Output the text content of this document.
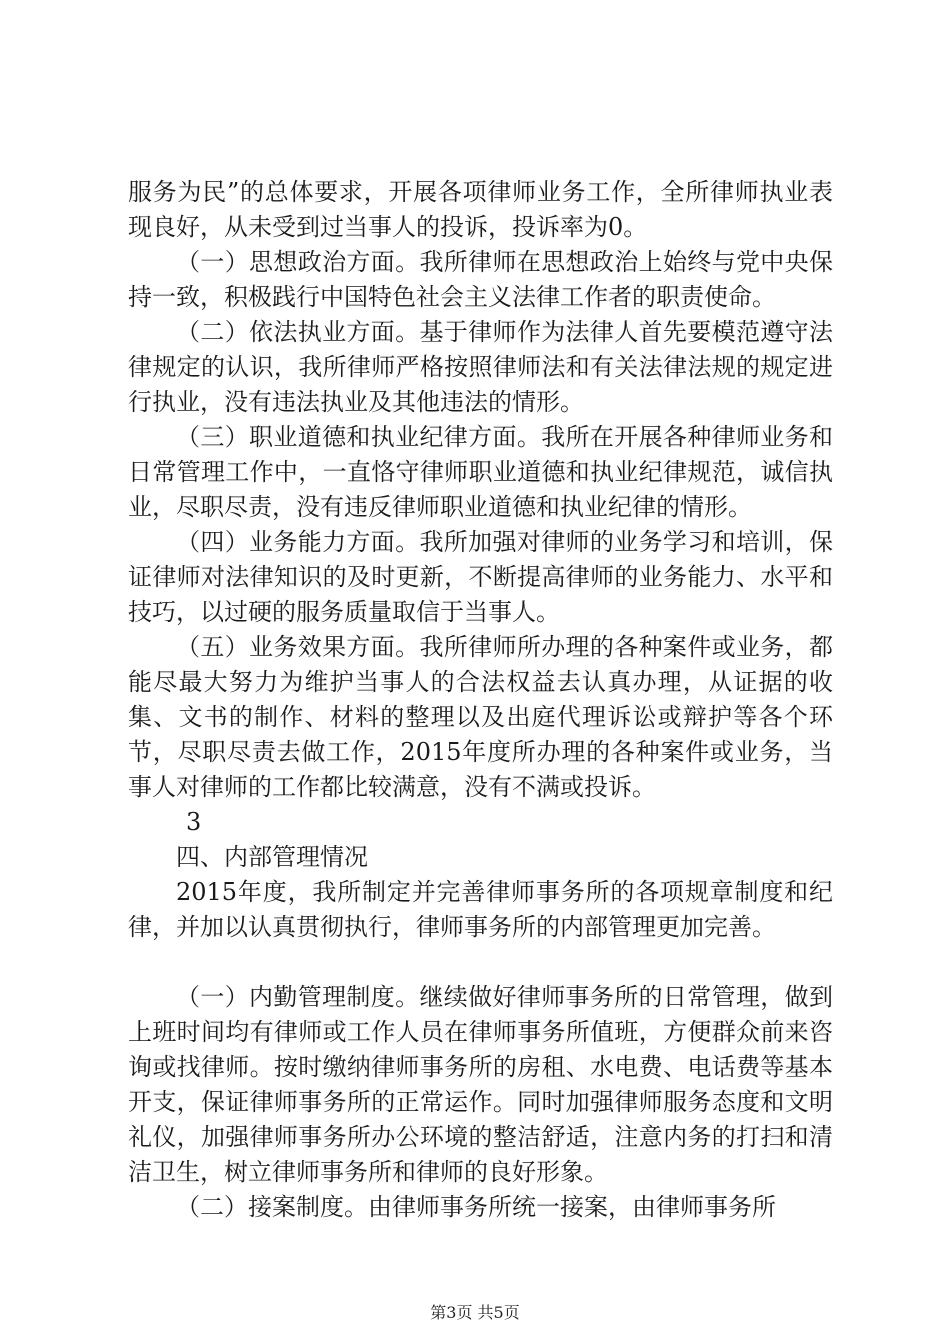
服务为民”的总体要求，开展各项律师业务工作，全所律师执业表现良好，从未受到过当事人的投诉，投诉率为0。

（一）思想政治方面。我所律师在思想政治上始终与党中央保持一致，积极践行中国特色社会主义法律工作者的职责使命。

（二）依法执业方面。基于律师作为法律人首先要模范遵守法律规定的认识，我所律师严格按照律师法和有关法律法规的规定进行执业，没有违法执业及其他违法的情形。

（三）职业道德和执业纪律方面。我所在开展各种律师业务和日常管理工作中，一直恪守律师职业道德和执业纪律规范，诚信执业，尽职尽责，没有违反律师职业道德和执业纪律的情形。

（四）业务能力方面。我所加强对律师的业务学习和培训，保证律师对法律知识的及时更新，不断提高律师的业务能力、水平和技巧，以过硬的服务质量取信于当事人。

（五）业务效果方面。我所律师所办理的各种案件或业务，都能尽最大努力为维护当事人的合法权益去认真办理，从证据的收集、文书的制作、材料的整理以及出庭代理诉讼或辩护等各个环节，尽职尽责去做工作，2015年度所办理的各种案件或业务，当事人对律师的工作都比较满意，没有不满或投诉。

3

四、内部管理情况

2015年度，我所制定并完善律师事务所的各项规章制度和纪律，并加以认真贯彻执行，律师事务所的内部管理更加完善。

（一）内勤管理制度。继续做好律师事务所的日常管理，做到上班时间均有律师或工作人员在律师事务所值班，方便群众前来咨询或找律师。按时缴纳律师事务所的房租、水电费、电话费等基本开支，保证律师事务所的正常运作。同时加强律师服务态度和文明礼仪，加强律师事务所办公环境的整洁舒适，注意内务的打扫和清洁卫生，树立律师事务所和律师的良好形象。

（二）接案制度。由律师事务所统一接案，由律师事务所

第3页 共5页
